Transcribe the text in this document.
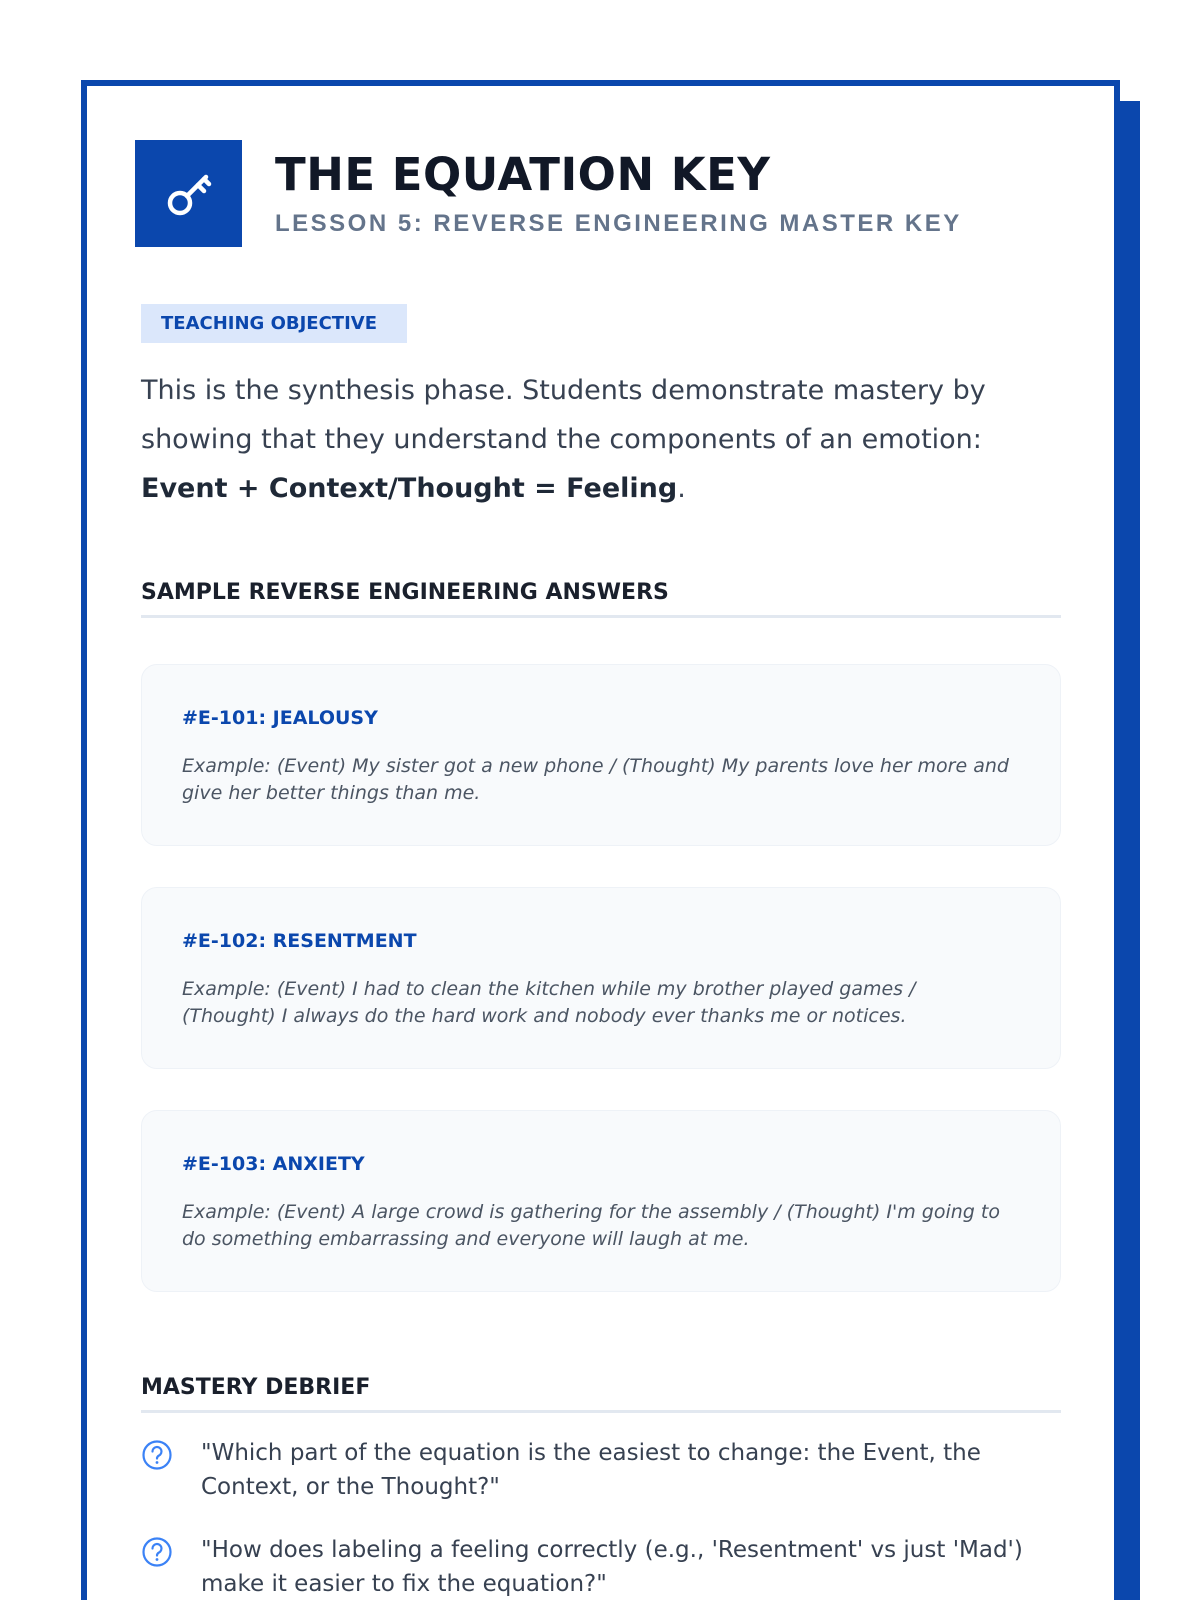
THE EQUATION KEY
LESSON 5: REVERSE ENGINEERING MASTER KEY
TEACHING OBJECTIVE

This is the synthesis phase. Students demonstrate mastery by showing that they understand the components of an emotion: Event + Context/Thought = Feeling.

SAMPLE REVERSE ENGINEERING ANSWERS
#E-101: JEALOUSY
Example: (Event) My sister got a new phone / (Thought) My parents love her more and give her better things than me.
#E-102: RESENTMENT
Example: (Event) I had to clean the kitchen while my brother played games / (Thought) I always do the hard work and nobody ever thanks me or notices.
#E-103: ANXIETY
Example: (Event) A large crowd is gathering for the assembly / (Thought) I'm going to do something embarrassing and everyone will laugh at me.
MASTERY DEBRIEF
"Which part of the equation is the easiest to change: the Event, the Context, or the Thought?"
"How does labeling a feeling correctly (e.g., 'Resentment' vs just 'Mad') make it easier to fix the equation?"
